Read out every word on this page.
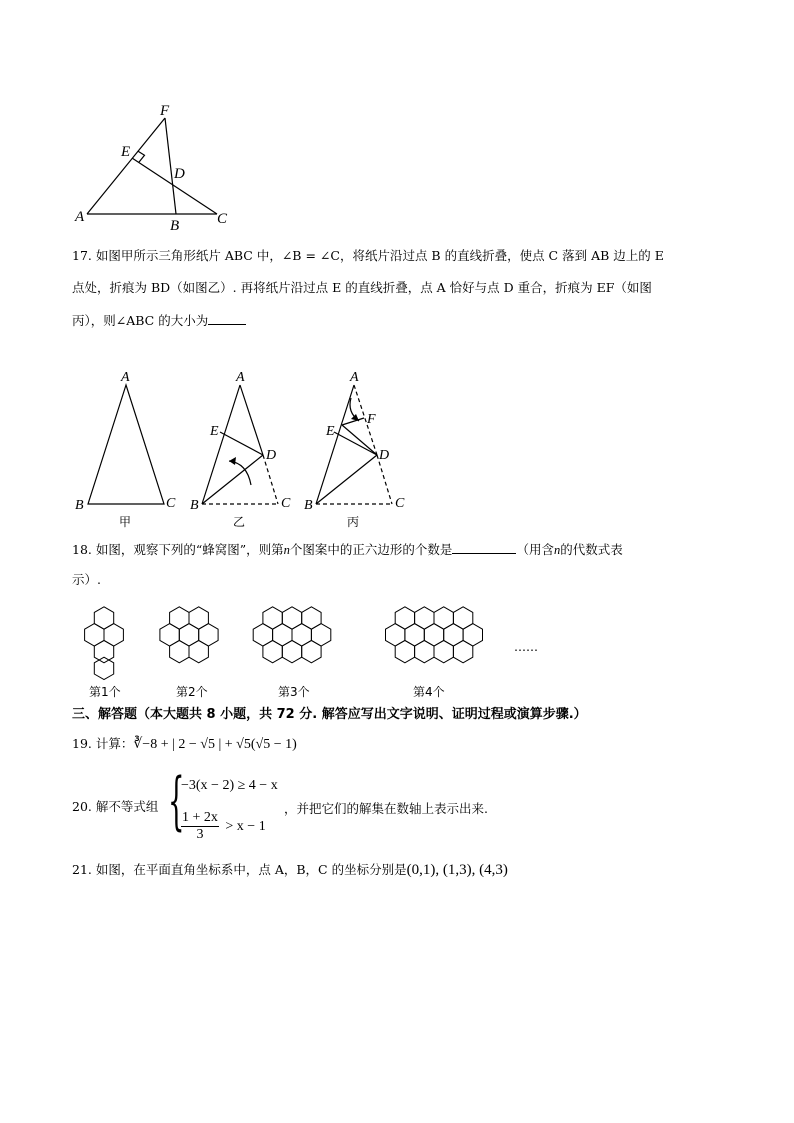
F
E
D
A
B	C
17. 如图甲所示三角形纸片 ABC 中，∠B = ∠C，将纸片沿过点 B 的直线折叠，使点 C 落到 AB 边上的 E
点处，折痕为 BD（如图乙）. 再将纸片沿过点 E 的直线折叠，点 A 恰好与点 D 重合，折痕为 EF（如图
丙），则∠ABC 的大小为
A
B	C
A
E
D
B	C
A
E
F
D
B	C
甲	乙	丙
18. 如图，观察下列的“蜂窝图”，则第n个图案中的正六边形的个数是	（用含n的代数式表
示）.
第1个	第2个	第3个	第4个
……
三、解答题（本大题共 8 小题，共 72 分. 解答应写出文字说明、证明过程或演算步骤.）
19. 计算：∛−8 + | 2 − √5 | + √5(√5 − 1)
20. 解不等式组 {
−3(x − 2) ≥ 4 − x
$\frac{1 + 2x}{3} > x - 1$
，并把它们的解集在数轴上表示出来.
21. 如图，在平面直角坐标系中，点 A，B，C 的坐标分别是(0,1), (1,3), (4,3)
